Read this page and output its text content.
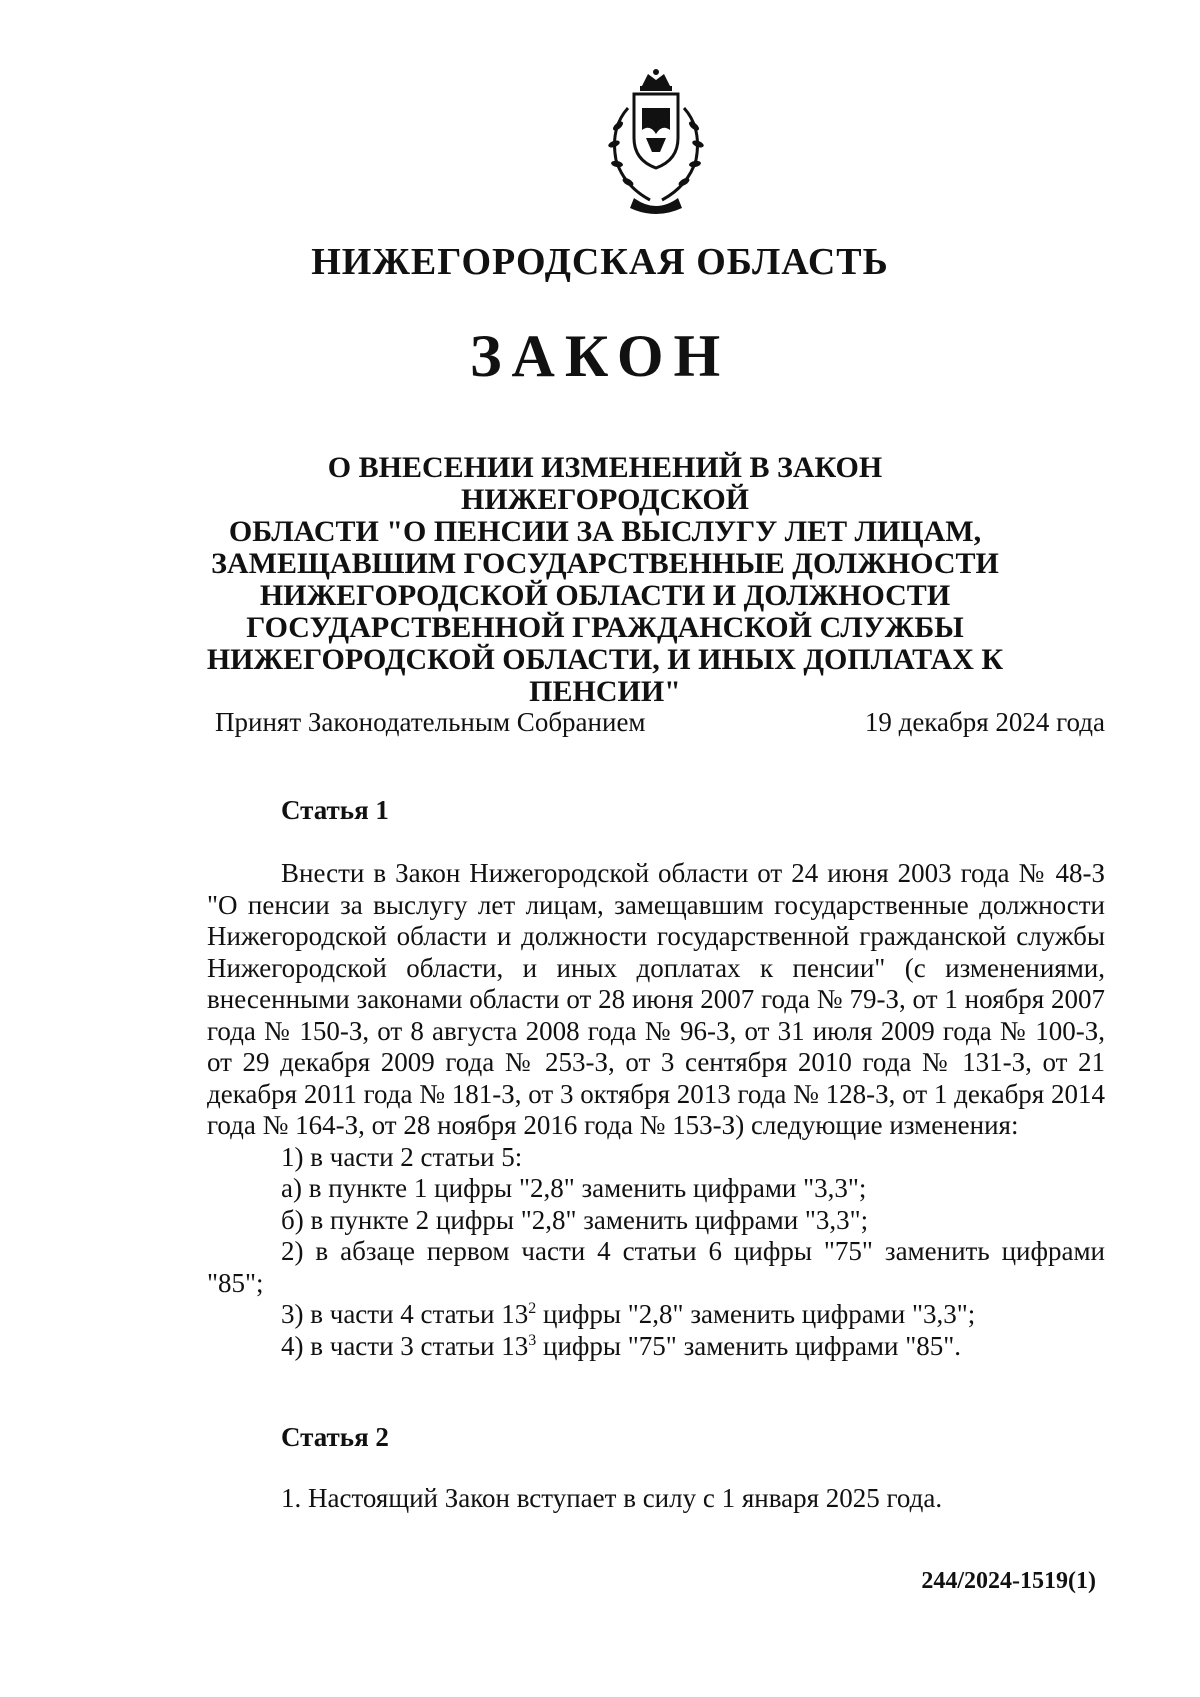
НИЖЕГОРОДСКАЯ ОБЛАСТЬ
ЗАКОН
О ВНЕСЕНИИ ИЗМЕНЕНИЙ В ЗАКОН НИЖЕГОРОДСКОЙ
ОБЛАСТИ "О ПЕНСИИ ЗА ВЫСЛУГУ ЛЕТ ЛИЦАМ,
ЗАМЕЩАВШИМ ГОСУДАРСТВЕННЫЕ ДОЛЖНОСТИ
НИЖЕГОРОДСКОЙ ОБЛАСТИ И ДОЛЖНОСТИ
ГОСУДАРСТВЕННОЙ ГРАЖДАНСКОЙ СЛУЖБЫ
НИЖЕГОРОДСКОЙ ОБЛАСТИ, И ИНЫХ ДОПЛАТАХ К ПЕНСИИ"
Принят Законодательным Собранием	19 декабря 2024 года
Статья 1

Внести в Закон Нижегородской области от 24 июня 2003 года № 48-З "О пенсии за выслугу лет лицам, замещавшим государственные должности Нижегородской области и должности государственной гражданской службы Нижегородской области, и иных доплатах к пенсии" (с изменениями, внесенными законами области от 28 июня 2007 года № 79-З, от 1 ноября 2007 года № 150-З, от 8 августа 2008 года № 96-З, от 31 июля 2009 года № 100-З, от 29 декабря 2009 года № 253-З, от 3 сентября 2010 года № 131-З, от 21 декабря 2011 года № 181-З, от 3 октября 2013 года № 128-З, от 1 декабря 2014 года № 164-З, от 28 ноября 2016 года № 153-З) следующие изменения:

1) в части 2 статьи 5:

а) в пункте 1 цифры "2,8" заменить цифрами "3,3";

б) в пункте 2 цифры "2,8" заменить цифрами "3,3";

2) в абзаце первом части 4 статьи 6 цифры "75" заменить цифрами
"85";

3) в части 4 статьи $13^2$ цифры "2,8" заменить цифрами "3,3";

4) в части 3 статьи $13^3$ цифры "75" заменить цифрами "85".

Статья 2
1. Настоящий Закон вступает в силу с 1 января 2025 года.
244/2024-1519(1)
